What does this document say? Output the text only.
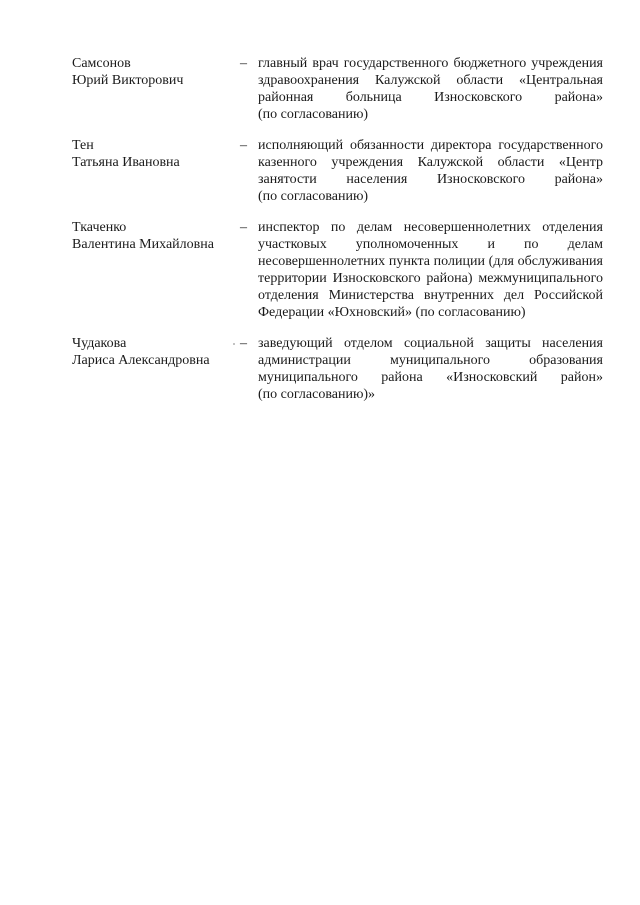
Самсонов
Юрий Викторович
– главный врач государственного бюджетного учреждения
здравоохранения Калужской области «Центральная
районная больница Износковского района»
(по согласованию)
Тен
Татьяна Ивановна
– исполняющий обязанности директора государственного
казенного учреждения Калужской области «Центр
занятости населения Износковского района»
(по согласованию)
Ткаченко
Валентина Михайловна
– инспектор по делам несовершеннолетних отделения
участковых уполномоченных и по делам
несовершеннолетних пункта полиции (для обслуживания
территории Износковского района) межмуниципального
отделения Министерства внутренних дел Российской
Федерации «Юхновский» (по согласованию)
Чудакова
Лариса Александровна
– заведующий отделом социальной защиты населения
администрации муниципального образования
муниципального района «Износковский район»
(по согласованию)»
